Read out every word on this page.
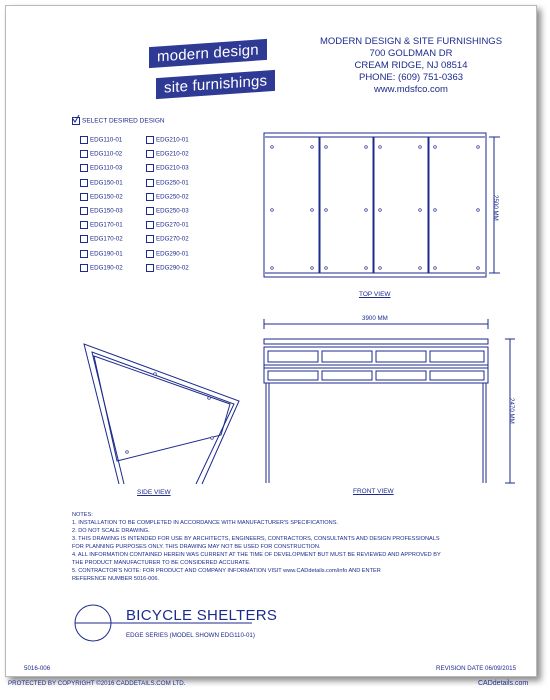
modern design
site furnishings
MODERN DESIGN & SITE FURNISHINGS
700 GOLDMAN DR
CREAM RIDGE, NJ 08514
PHONE: (609) 751-0363
www.mdsfco.com
SELECT DESIRED DESIGN
EDG110-01
EDG110-02
EDG110-03
EDG150-01
EDG150-02
EDG150-03
EDG170-01
EDG170-02
EDG190-01
EDG190-02
EDG210-01
EDG210-02
EDG210-03
EDG250-01
EDG250-02
EDG250-03
EDG270-01
EDG270-02
EDG290-01
EDG290-02
2500 MM
3900 MM
2470 MM
TOP VIEW
SIDE VIEW	FRONT VIEW
NOTES:
1. INSTALLATION TO BE COMPLETED IN ACCORDANCE WITH MANUFACTURER'S SPECIFICATIONS.
2. DO NOT SCALE DRAWING.
3. THIS DRAWING IS INTENDED FOR USE BY ARCHITECTS, ENGINEERS, CONTRACTORS, CONSULTANTS AND DESIGN PROFESSIONALS
FOR PLANNING PURPOSES ONLY. THIS DRAWING MAY NOT BE USED FOR CONSTRUCTION.
4. ALL INFORMATION CONTAINED HEREIN WAS CURRENT AT THE TIME OF DEVELOPMENT BUT MUST BE REVIEWED AND APPROVED BY
THE PRODUCT MANUFACTURER TO BE CONSIDERED ACCURATE.
5. CONTRACTOR'S NOTE: FOR PRODUCT AND COMPANY INFORMATION VISIT www.CADdetails.com/info AND ENTER
REFERENCE NUMBER 5016-006.
BICYCLE SHELTERS
EDGE SERIES (MODEL SHOWN EDG110-01)
5016-006	REVISION DATE 06/09/2015
PROTECTED BY COPYRIGHT ©2016 CADDETAILS.COM LTD.	CADdetails.com
